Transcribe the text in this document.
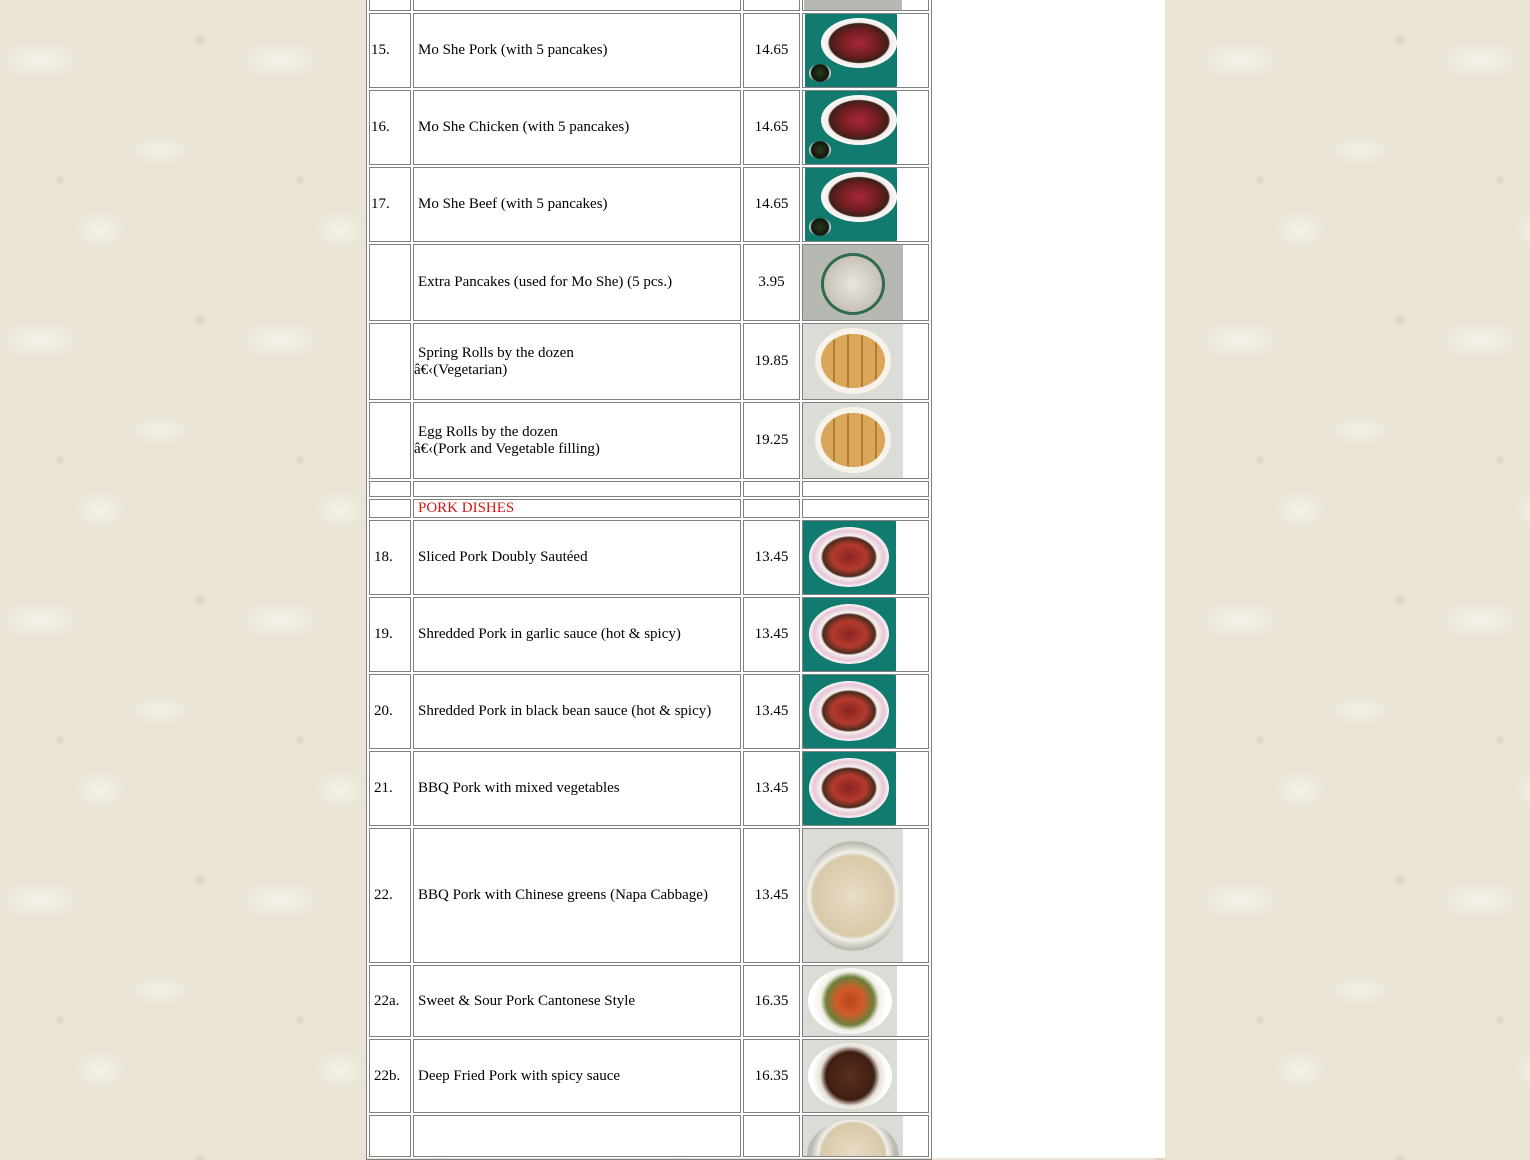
15.	Mo She Pork (with 5 pancakes)	14.65	

16.	Mo She Chicken (with 5 pancakes)	14.65	

17.	Mo She Beef (with 5 pancakes)	14.65	

	Extra Pancakes (used for Mo She) (5 pcs.)	3.95	

	Spring Rolls by the dozen
â€‹(Vegetarian)	19.85	

	Egg Rolls by the dozen
â€‹(Pork and Vegetable filling)	19.25	

	PORK DISHES		
18.	Sliced Pork Doubly Sautéed	13.45	

19.	Shredded Pork in garlic sauce (hot & spicy)	13.45	

20.	Shredded Pork in black bean sauce (hot & spicy)	13.45	

21.	BBQ Pork with mixed vegetables	13.45	

22.	BBQ Pork with Chinese greens (Napa Cabbage)	13.45	

22a.	Sweet & Sour Pork Cantonese Style	16.35	

22b.	Deep Fried Pork with spicy sauce	16.35	
